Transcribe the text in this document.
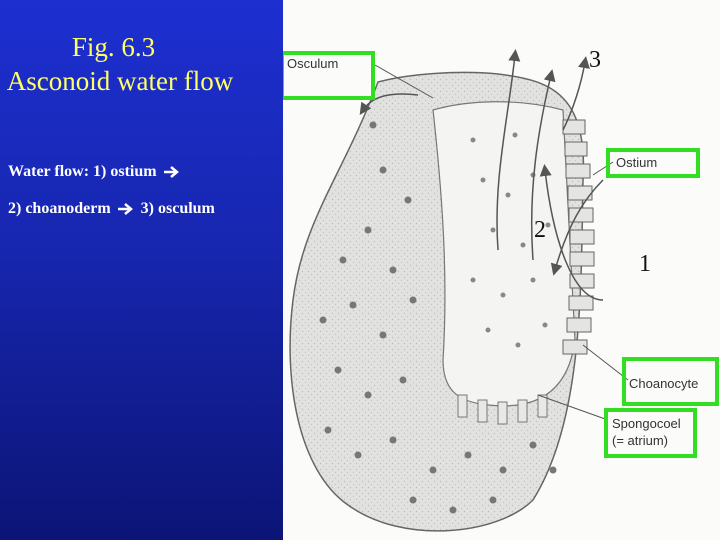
Fig. 6.3
Asconoid water flow
Water flow: 1) ostium
2) choanoderm 3) osculum
Osculum
Ostium
Choanocyte
Spongocoel
(= atrium)
3
2
1
